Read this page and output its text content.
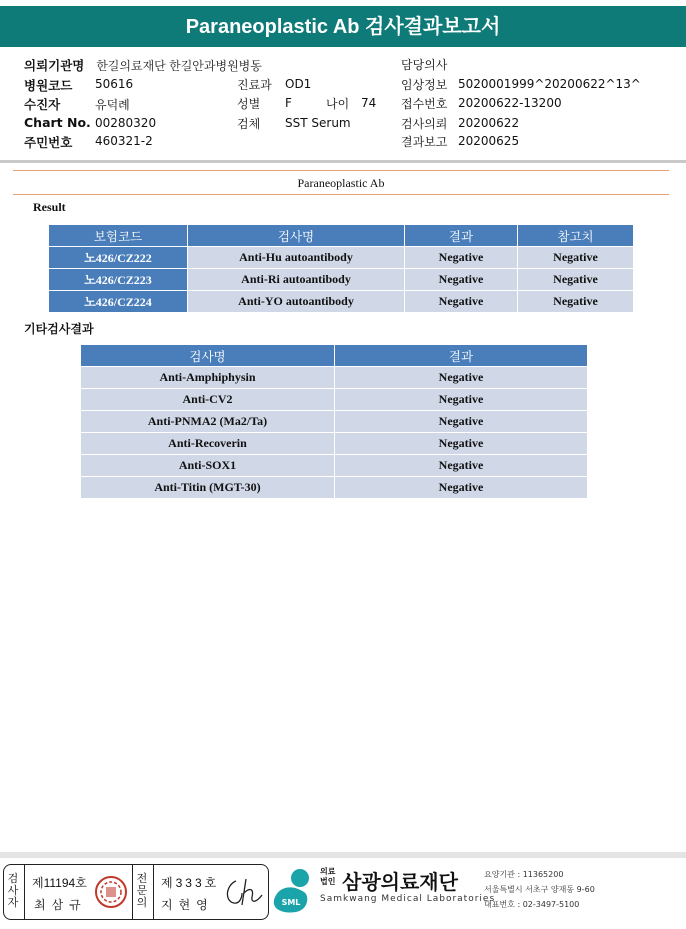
Paraneoplastic Ab 검사결과보고서
의뢰기관명 한길의료재단 한길안과병원병동
병원코드 50616
수진자	유덕례
Chart No. 00280320
주민번호 460321-2
진료과 OD1
성별 F	나이 74
검체 SST Serum
담당의사
임상정보 5020001999^20200622^13^
접수번호 20200622-13200
검사의뢰 20200622
결과보고 20200625
Paraneoplastic Ab
Result
보험코드	검사명	결과	참고치
노426/CZ222	Anti-Hu autoantibody	Negative	Negative
노426/CZ223	Anti-Ri autoantibody	Negative	Negative
노426/CZ224	Anti-YO autoantibody	Negative	Negative
기타검사결과
검사명	결과
Anti-Amphiphysin	Negative
Anti-CV2	Negative
Anti-PNMA2 (Ma2/Ta)	Negative
Anti-Recoverin	Negative
Anti-SOX1	Negative
Anti-Titin (MGT-30)	Negative
검사자
제11194호
최삼규
전문의
제333호
지현영	SML
의료법인 삼광의료재단
Samkwang Medical Laboratories
요양기관 : 11365200
서울특별시 서초구 양재동 9-60
대표번호 : 02-3497-5100
